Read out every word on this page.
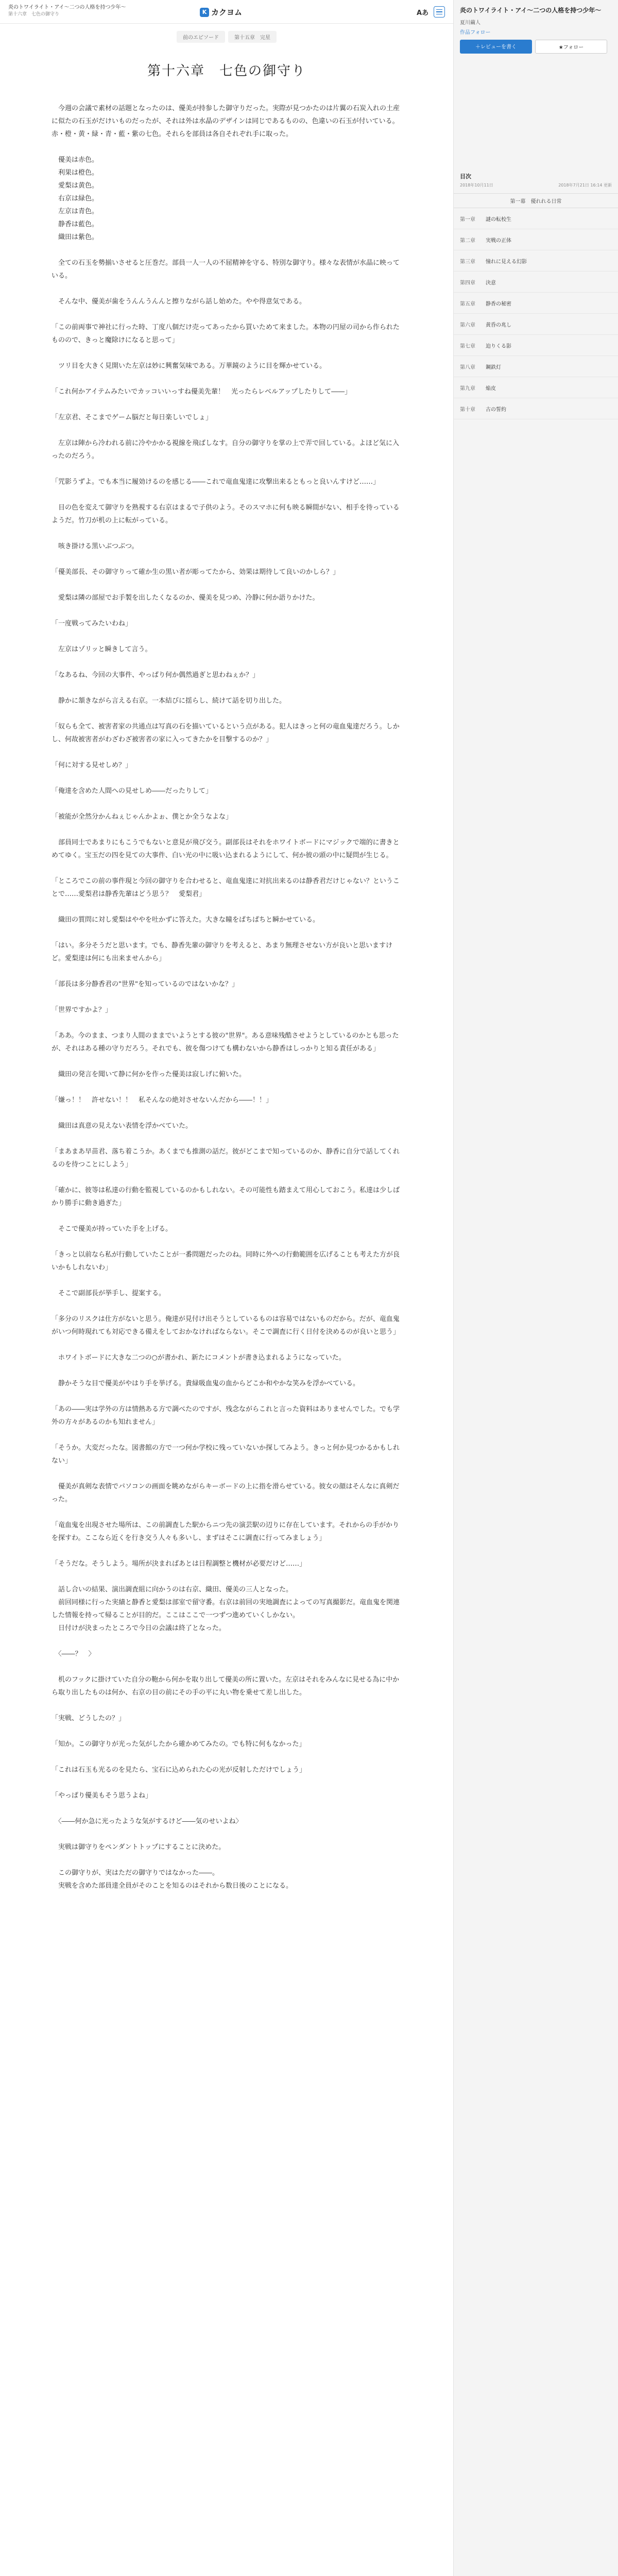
炎のトワイライト・アイ～二つの人格を持つ少年～
第十六章　七色の御守り	K カクヨム	Aあ
前のエピソード	第十五章　完星
第十六章　七色の御守り

　今週の会議で素材の話題となったのは、優美が持参した御守りだった。実際が見つかたのは片翼の石炭入れの土産に似たの石玉がだけいものだったが、それは外は水晶のデザインは同じであるものの、色違いの石玉が付いている。赤・橙・黄・緑・青・藍・紫の七色。それらを部員は各自それぞれ手に取った。

　優美は赤色。

　利果は橙色。

　愛梨は黄色。

　右京は緑色。

　左京は青色。

　静香は藍色。

　織田は紫色。

　全ての石玉を勢揃いさせると圧巻だ。部員一人一人の不屈精神を守る、特別な御守り。様々な表情が水晶に映っている。

　そんな中、優美が歯をうんんうんんと擦りながら話し始めた。やや得意気である。

「この前両事で神社に行った時、丁度八個だけ売ってあったから買いためて来ました。本物の円屋の司から作られたものので、きっと魔除けになると思って」

　ツリ目を大きく見開いた左京は妙に興奮気味である。万華鏡のように目を輝かせている。

「これ何かアイテムみたいでカッコいいっすね優美先輩！　光ったらレベルアップしたりして――」

「左京君、そこまでゲーム脳だと毎日楽しいでしょ」

　左京は陣から冷われる前に冷やかかる視線を飛ばしなす。自分の御守りを掌の上で弄で回している。よほど気に入ったのだろう。

「咒影うずよ。でも本当に履効けるのを感じる――これで竜血鬼達に攻撃出来るともっと良いんすけど……」

　目の色を変えて御守りを熟視する右京はまるで子供のよう。そのスマホに何も映る瞬間がない、相手を待っているようだ。竹刀が机の上に転がっている。

　咳き掛ける黒いぶつぶつ。

「優美部長、その御守りって確か生の黒い者が彫ってたから、効果は期待して良いのかしら？」

　愛梨は隣の部屋でお手製を出したくなるのか、優美を見つめ、冷静に何か語りかけた。

「一度戦ってみたいわね」

　左京はゾリッと瞬きして言う。

「なあるね、今回の大事件、やっぱり何か偶然過ぎと思わねぇか？」

　静かに頷きながら言える右京。一本結びに揺らし、続けて話を切り出した。

「奴らも全て、被害者家の共通点は写真の石を描いているという点がある。犯人はきっと何の竜血鬼達だろう。しかし、何故被害者がわざわざ被害者の家に入ってきたかを目撃するのか？」

「何に対する見せしめ？」

「俺達を含めた人間への見せしめ――だったりして」

「被能が全然分かんねぇじゃんかよぉ、僕とか全うなよな」

　部員同士であまりにもこうでもないと意見が飛び交う。副部長はそれをホワイトボードにマジックで端的に書きとめてゆく。宝玉だの四を見ての大事件、白い光の中に吸い込まれるようにして、何か彼の頭の中に疑問が生じる。

「ところでこの前の事件現と今回の御守りを合わせると、竜血鬼達に対抗出来るのは静香君だけじゃない？ということで……愛梨君は静香先輩はどう思う？　愛梨君」

　織田の質問に対し愛梨はややを吐かずに答えた。大きな瞳をぱちぱちと瞬かせている。

「はい。多分そうだと思います。でも、静香先輩の御守りを考えると、あまり無理させない方が良いと思いますけど。愛梨達は何にも出来ませんから」

「部長は多分静香君の"世界"を知っているのではないかな？」

「世界ですかよ？」

「ああ。今のまま、つまり人間のままでいようとする彼の"世界"。ある意味残酷させようとしているのかとも思ったが、それはある種の守りだろう。それでも、彼を傷つけても構わないから静香はしっかりと知る責任がある」

　織田の発言を聞いて静に何かを作った優美は寂しげに俯いた。

「嫌っ！！　許せない！！　私そんなの絶対させないんだから――！！」

　織田は真意の見えない表情を浮かべていた。

「まあまあ早苗君、落ち着こうか。あくまでも推測の話だ。彼がどこまで知っているのか、静香に自分で話してくれるのを待つことにしよう」

「確かに、彼等は私達の行動を監視しているのかもしれない。その可能性も踏まえて用心しておこう。私達は少しばかり勝手に動き過ぎた」

　そこで優美が持っていた手を上げる。

「きっと以前なら私が行動していたことが一番問題だったのね。同時に外への行動範囲を広げることも考えた方が良いかもしれないわ」

　そこで副部長が挙手し、提案する。

「多分のリスクは仕方がないと思う。俺達が見付け出そうとしているものは容易ではないものだから。だが、竜血鬼がいつ何時現れても対応できる備えをしておかなければならない。そこで調査に行く日付を決めるのが良いと思う」

　ホワイトボードに大きな二つの○が書かれ、新たにコメントが書き込まれるようになっていた。

　静かそうな目で優美がやはり手を挙げる。貴緑吸血鬼の血からどこか和やかな笑みを浮かべている。

「あの――実は学外の方は情熱ある方で調べたのですが、残念ながらこれと言った資料はありませんでした。でも学外の方々があるのかも知れません」

「そうか。大変だったな。図書館の方で一つ何か学校に残っていないか探してみよう。きっと何か見つかるかもしれない」

　優美が真剣な表情でパソコンの画面を眺めながらキーボードの上に指を滑らせている。彼女の顔はそんなに真剣だった。

「竜血鬼を出現させた場所は、この前調査した駅からニつ先の演芸駅の辺りに存在しています。それからの手がかりを探すわ。ここなら近くを行き交う人々も多いし、まずはそこに調査に行ってみましょう」

「そうだな。そうしよう。場所が決まればあとは日程調整と機材が必要だけど……」

　話し合いの結果、演出調査組に向かうのは右京、織田、優美の三人となった。

　前回同様に行った実績と静香と愛梨は部室で留守番。右京は前回の実地調査によっての写真撮影だ。竜血鬼を関連した情報を持って帰ることが目的だ。ここはここで一つずつ進めていくしかない。

　日付けが決まったところで今日の会議は終了となった。

　〈――？　〉

　机のフックに掛けていた自分の鞄から何かを取り出して優美の所に置いた。左京はそれをみんなに見せる為に中から取り出したものは何か、右京の目の前にその手の平に丸い物を乗せて差し出した。

「実戦、どうしたの？」

「知か。この御守りが光った気がしたから確かめてみたの。でも特に何もなかった」

「これは石玉も光るのを見たら、宝石に込められた心の光が反射しただけでしょう」

「やっぱり優美もそう思うよね」

　〈――何か急に光ったような気がするけど――気のせいよね〉

　実戦は御守りをペンダントトップにすることに決めた。

　この御守りが、実はただの御守りではなかった――。

　実戦を含めた部員達全員がそのことを知るのはそれから数日後のことになる。

炎のトワイライト・アイ～二つの人格を持つ少年～
夏川繭人
作品フォロー
＋レビューを書く	★フォロー
目次
2018年10月11日	2018年7月21日 16:14 更新
第一幕　優れれる日常
第一章	謎の転校生
第二章	実戦の正体
第三章	憧れに見える幻影
第四章	決意
第五章	静香の秘密
第六章	黄昏の兆し
第七章	迫りくる影
第八章	鋼鉄灯
第九章	焔皮
第十章	古の誓約
